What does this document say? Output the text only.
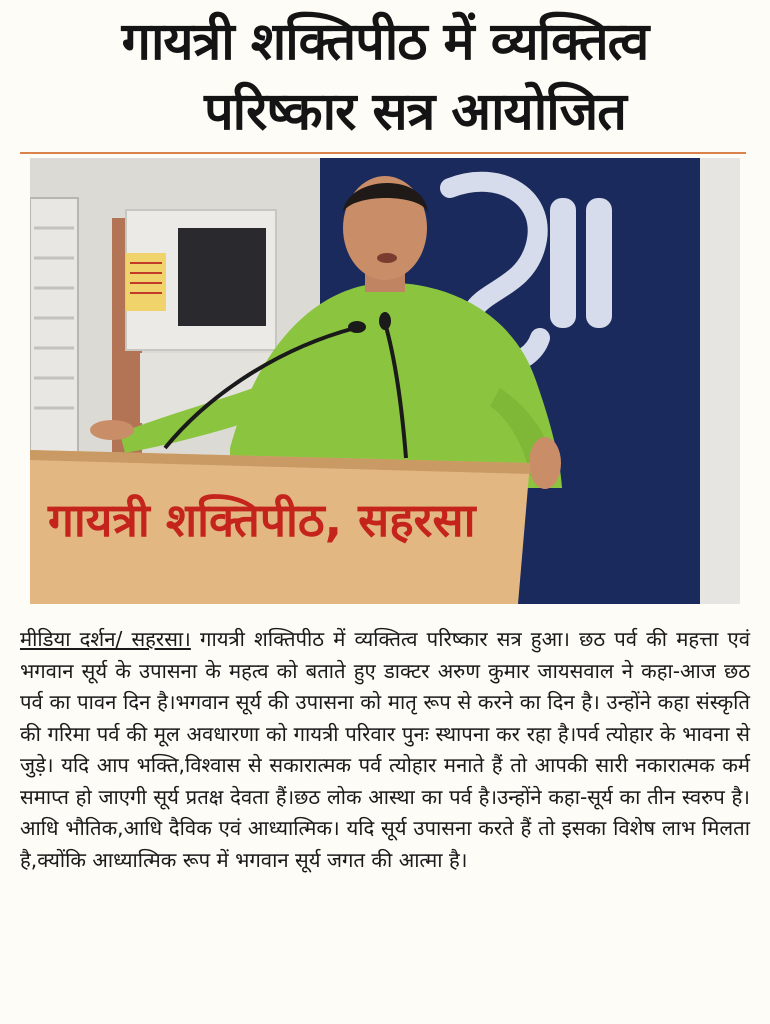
गायत्री शक्तिपीठ में व्यक्तित्व
परिष्कार सत्र आयोजित
गायत्री शक्तिपीठ, सहरसा
मीडिया दर्शन/ सहरसा। गायत्री शक्तिपीठ में व्यक्तित्व परिष्कार सत्र हुआ। छठ पर्व की महत्ता एवं भगवान सूर्य के उपासना के महत्व को बताते हुए डाक्टर अरुण कुमार जायसवाल ने कहा-आज छठ पर्व का पावन दिन है।भगवान सूर्य की उपासना को मातृ रूप से करने का दिन है। उन्होंने कहा संस्कृति की गरिमा पर्व की मूल अवधारणा को गायत्री परिवार पुनः स्थापना कर रहा है।पर्व त्योहार के भावना से जुड़े। यदि आप भक्ति,विश्वास से सकारात्मक पर्व त्योहार मनाते हैं तो आपकी सारी नकारात्मक कर्म समाप्त हो जाएगी सूर्य प्रतक्ष देवता हैं।छठ लोक आस्था का पर्व है।उन्होंने कहा-सूर्य का तीन स्वरुप है।आधि भौतिक,आधि दैविक एवं आध्यात्मिक। यदि सूर्य उपासना करते हैं तो इसका विशेष लाभ मिलता है,क्योंकि आध्यात्मिक रूप में भगवान सूर्य जगत की आत्मा है।
